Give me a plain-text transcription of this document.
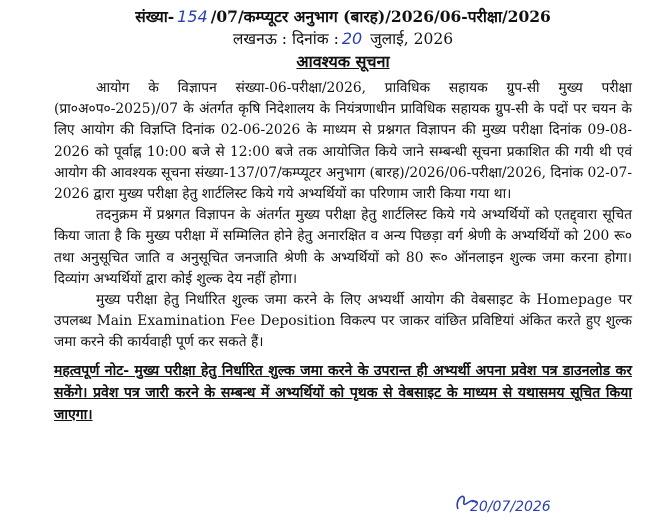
संख्या- 154 /07/कम्प्यूटर अनुभाग (बारह)/2026/06-परीक्षा/2026
लखनऊ : दिनांक : 20 जुलाई, 2026
आवश्यक सूचना

आयोग के विज्ञापन संख्या-06-परीक्षा/2026, प्राविधिक सहायक ग्रुप-सी मुख्य परीक्षा (प्रा०अ०प०-2025)/07 के अंतर्गत कृषि निदेशालय के नियंत्रणाधीन प्राविधिक सहायक ग्रुप-सी के पदों पर चयन के लिए आयोग की विज्ञप्ति दिनांक 02-06-2026 के माध्यम से प्रश्नगत विज्ञापन की मुख्य परीक्षा दिनांक 09-08-2026 को पूर्वाह्न 10:00 बजे से 12:00 बजे तक आयोजित किये जाने सम्बन्धी सूचना प्रकाशित की गयी थी एवं आयोग की आवश्यक सूचना संख्या-137/07/कम्प्यूटर अनुभाग (बारह)/2026/06-परीक्षा/2026, दिनांक 02-07-2026 द्वारा मुख्य परीक्षा हेतु शार्टलिस्ट किये गये अभ्यर्थियों का परिणाम जारी किया गया था।

तदनुक्रम में प्रश्नगत विज्ञापन के अंतर्गत मुख्य परीक्षा हेतु शार्टलिस्ट किये गये अभ्यर्थियों को एतद्द्वारा सूचित किया जाता है कि मुख्य परीक्षा में सम्मिलित होने हेतु अनारक्षित व अन्य पिछड़ा वर्ग श्रेणी के अभ्यर्थियों को 200 रू० तथा अनुसूचित जाति व अनुसूचित जनजाति श्रेणी के अभ्यर्थियों को 80 रू० ऑनलाइन शुल्क जमा करना होगा। दिव्यांग अभ्यर्थियों द्वारा कोई शुल्क देय नहीं होगा।

मुख्य परीक्षा हेतु निर्धारित शुल्क जमा करने के लिए अभ्यर्थी आयोग की वेबसाइट के Homepage पर उपलब्ध Main Examination Fee Deposition विकल्प पर जाकर वांछित प्रविष्टियां अंकित करते हुए शुल्क जमा करने की कार्यवाही पूर्ण कर सकते हैं।

महत्वपूर्ण नोट- मुख्य परीक्षा हेतु निर्धारित शुल्क जमा करने के उपरान्त ही अभ्यर्थी अपना प्रवेश पत्र डाउनलोड कर सकेंगे। प्रवेश पत्र जारी करने के सम्बन्ध में अभ्यर्थियों को पृथक से वेबसाइट के माध्यम से यथासमय सूचित किया जाएगा।

20/07/2026
